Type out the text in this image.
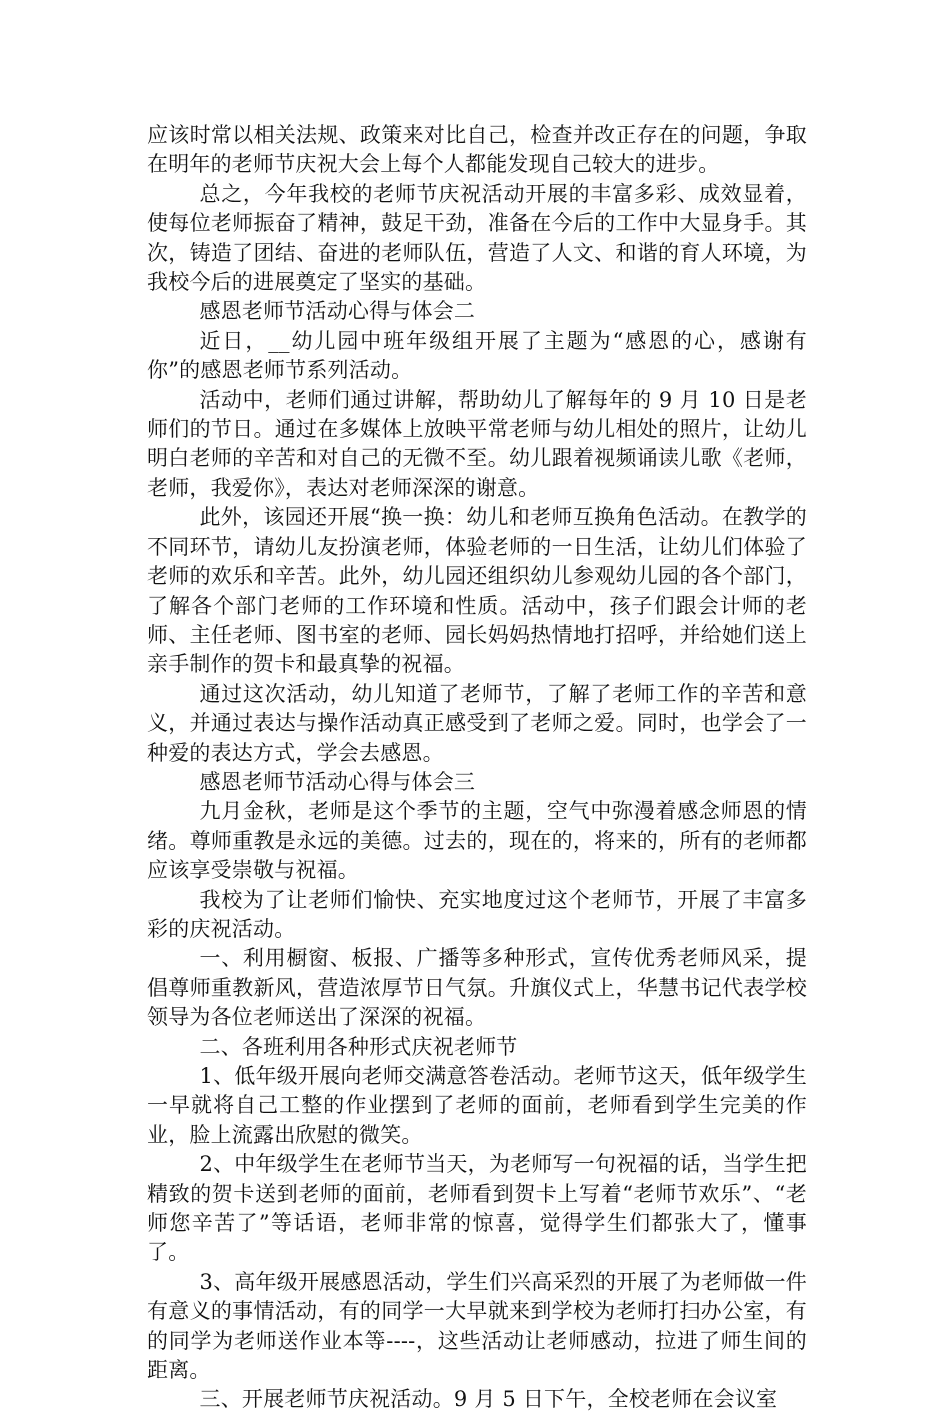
应该时常以相关法规、政策来对比自己，检查并改正存在的问题，争取在明年的老师节庆祝大会上每个人都能发现自己较大的进步。

总之，今年我校的老师节庆祝活动开展的丰富多彩、成效显着，使每位老师振奋了精神，鼓足干劲，准备在今后的工作中大显身手。其次，铸造了团结、奋进的老师队伍，营造了人文、和谐的育人环境，为我校今后的进展奠定了坚实的基础。

感恩老师节活动心得与体会二

近日，__幼儿园中班年级组开展了主题为“感恩的心，感谢有你”的感恩老师节系列活动。

活动中，老师们通过讲解，帮助幼儿了解每年的 9 月 10 日是老师们的节日。通过在多媒体上放映平常老师与幼儿相处的照片，让幼儿明白老师的辛苦和对自己的无微不至。幼儿跟着视频诵读儿歌《老师，老师，我爱你》，表达对老师深深的谢意。

此外，该园还开展“换一换：幼儿和老师互换角色活动。在教学的不同环节，请幼儿友扮演老师，体验老师的一日生活，让幼儿们体验了老师的欢乐和辛苦。此外，幼儿园还组织幼儿参观幼儿园的各个部门，了解各个部门老师的工作环境和性质。活动中，孩子们跟会计师的老师、主任老师、图书室的老师、园长妈妈热情地打招呼，并给她们送上亲手制作的贺卡和最真挚的祝福。

通过这次活动，幼儿知道了老师节，了解了老师工作的辛苦和意义，并通过表达与操作活动真正感受到了老师之爱。同时，也学会了一种爱的表达方式，学会去感恩。

感恩老师节活动心得与体会三

九月金秋，老师是这个季节的主题，空气中弥漫着感念师恩的情绪。尊师重教是永远的美德。过去的，现在的，将来的，所有的老师都应该享受崇敬与祝福。

我校为了让老师们愉快、充实地度过这个老师节，开展了丰富多彩的庆祝活动。

一、利用橱窗、板报、广播等多种形式，宣传优秀老师风采，提倡尊师重教新风，营造浓厚节日气氛。升旗仪式上，华慧书记代表学校领导为各位老师送出了深深的祝福。

二、各班利用各种形式庆祝老师节

1、低年级开展向老师交满意答卷活动。老师节这天，低年级学生一早就将自己工整的作业摆到了老师的面前，老师看到学生完美的作业，脸上流露出欣慰的微笑。

2、中年级学生在老师节当天，为老师写一句祝福的话，当学生把精致的贺卡送到老师的面前，老师看到贺卡上写着“老师节欢乐”、“老师您辛苦了”等话语，老师非常的惊喜，觉得学生们都张大了，懂事了。

3、高年级开展感恩活动，学生们兴高采烈的开展了为老师做一件有意义的事情活动，有的同学一大早就来到学校为老师打扫办公室，有的同学为老师送作业本等----，这些活动让老师感动，拉进了师生间的距离。

三、开展老师节庆祝活动。9 月 5 日下午，全校老师在会议室
